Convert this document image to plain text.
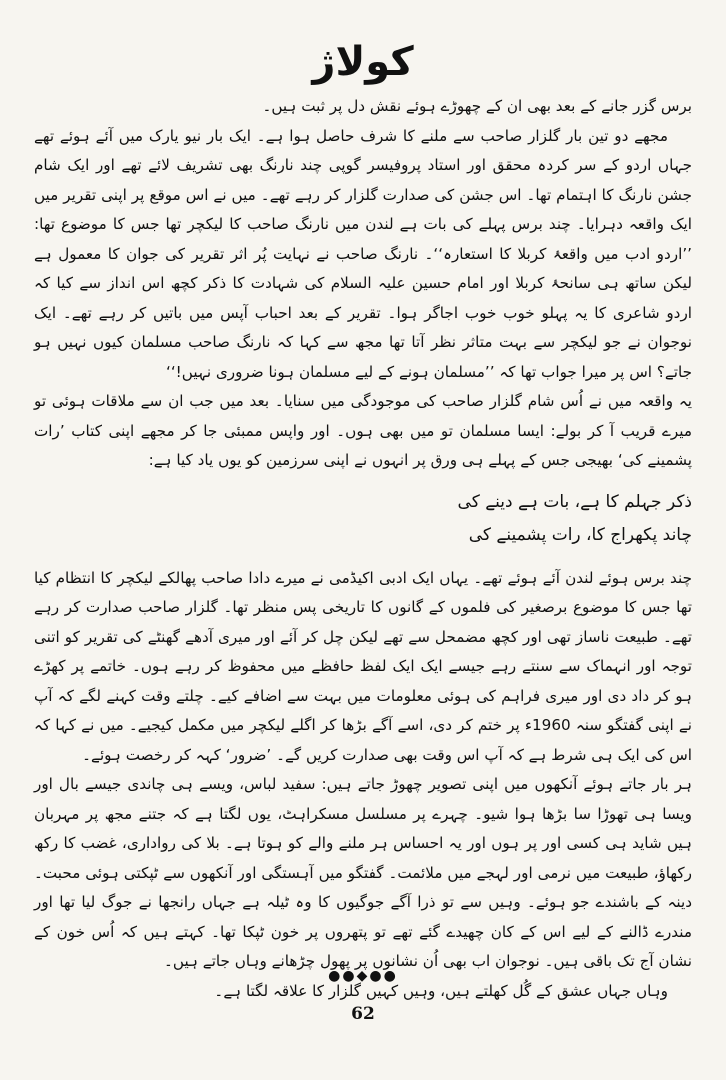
کولاژ

برس گزر جانے کے بعد بھی ان کے چھوڑے ہوئے نقش دل پر ثبت ہیں۔

مجھے دو تین بار گلزار صاحب سے ملنے کا شرف حاصل ہوا ہے۔ ایک بار نیو یارک میں آئے ہوئے تھے جہاں اردو کے سر کردہ محقق اور استاد پروفیسر گوپی چند نارنگ بھی تشریف لائے تھے اور ایک شام جشن نارنگ کا اہتمام تھا۔ اس جشن کی صدارت گلزار کر رہے تھے۔ میں نے اس موقع پر اپنی تقریر میں ایک واقعہ دہرایا۔ چند برس پہلے کی بات ہے لندن میں نارنگ صاحب کا لیکچر تھا جس کا موضوع تھا: ’’اردو ادب میں واقعۂ کربلا کا استعارہ‘‘۔ نارنگ صاحب نے نہایت پُر اثر تقریر کی جوان کا معمول ہے لیکن ساتھ ہی سانحۂ کربلا اور امام حسین علیہ السلام کی شہادت کا ذکر کچھ اس انداز سے کیا کہ اردو شاعری کا یہ پہلو خوب خوب اجاگر ہوا۔ تقریر کے بعد احباب آپس میں باتیں کر رہے تھے۔ ایک نوجوان نے جو لیکچر سے بہت متاثر نظر آتا تھا مجھ سے کہا کہ نارنگ صاحب مسلمان کیوں نہیں ہو جاتے؟ اس پر میرا جواب تھا کہ ’’مسلمان ہونے کے لیے مسلمان ہونا ضروری نہیں!‘‘

یہ واقعہ میں نے اُس شام گلزار صاحب کی موجودگی میں سنایا۔ بعد میں جب ان سے ملاقات ہوئی تو میرے قریب آ کر بولے: ایسا مسلمان تو میں بھی ہوں۔ اور واپس ممبئی جا کر مجھے اپنی کتاب ’رات پشمینے کی‘ بھیجی جس کے پہلے ہی ورق پر انہوں نے اپنی سرزمین کو یوں یاد کیا ہے:

ذکر جہلم کا ہے، بات ہے دینے کی
چاند پکھراج کا، رات پشمینے کی

چند برس ہوئے لندن آئے ہوئے تھے۔ یہاں ایک ادبی اکیڈمی نے میرے دادا صاحب پھالکے لیکچر کا انتظام کیا تھا جس کا موضوع برصغیر کی فلموں کے گانوں کا تاریخی پس منظر تھا۔ گلزار صاحب صدارت کر رہے تھے۔ طبیعت ناساز تھی اور کچھ مضمحل سے تھے لیکن چل کر آئے اور میری آدھے گھنٹے کی تقریر کو اتنی توجہ اور انہماک سے سنتے رہے جیسے ایک ایک لفظ حافظے میں محفوظ کر رہے ہوں۔ خاتمے پر کھڑے ہو کر داد دی اور میری فراہم کی ہوئی معلومات میں بہت سے اضافے کیے۔ چلتے وقت کہنے لگے کہ آپ نے اپنی گفتگو سنہ 1960ء پر ختم کر دی، اسے آگے بڑھا کر اگلے لیکچر میں مکمل کیجیے۔ میں نے کہا کہ اس کی ایک ہی شرط ہے کہ آپ اس وقت بھی صدارت کریں گے۔ ’ضرور‘ کہہ کر رخصت ہوئے۔

ہر بار جاتے ہوئے آنکھوں میں اپنی تصویر چھوڑ جاتے ہیں: سفید لباس، ویسے ہی چاندی جیسے بال اور ویسا ہی تھوڑا سا بڑھا ہوا شیو۔ چہرے پر مسلسل مسکراہٹ، یوں لگتا ہے کہ جتنے مجھ پر مہربان ہیں شاید ہی کسی اور پر ہوں اور یہ احساس ہر ملنے والے کو ہوتا ہے۔ بلا کی رواداری، غضب کا رکھ رکھاؤ، طبیعت میں نرمی اور لہجے میں ملائمت۔ گفتگو میں آہستگی اور آنکھوں سے ٹپکتی ہوئی محبت۔ دینہ کے باشندے جو ہوئے۔ وہیں سے تو ذرا آگے جوگیوں کا وہ ٹیلہ ہے جہاں رانجھا نے جوگ لیا تھا اور مندرے ڈالنے کے لیے اس کے کان چھیدے گئے تھے تو پتھروں پر خون ٹپکا تھا۔ کہتے ہیں کہ اُس خون کے نشان آج تک باقی ہیں۔ نوجوان اب بھی اُن نشانوں پر پھول چڑھانے وہاں جاتے ہیں۔

وہاں جہاں عشق کے گُل کھلتے ہیں، وہیں کہیں گلزار کا علاقہ لگتا ہے۔

●●◆●●
62
